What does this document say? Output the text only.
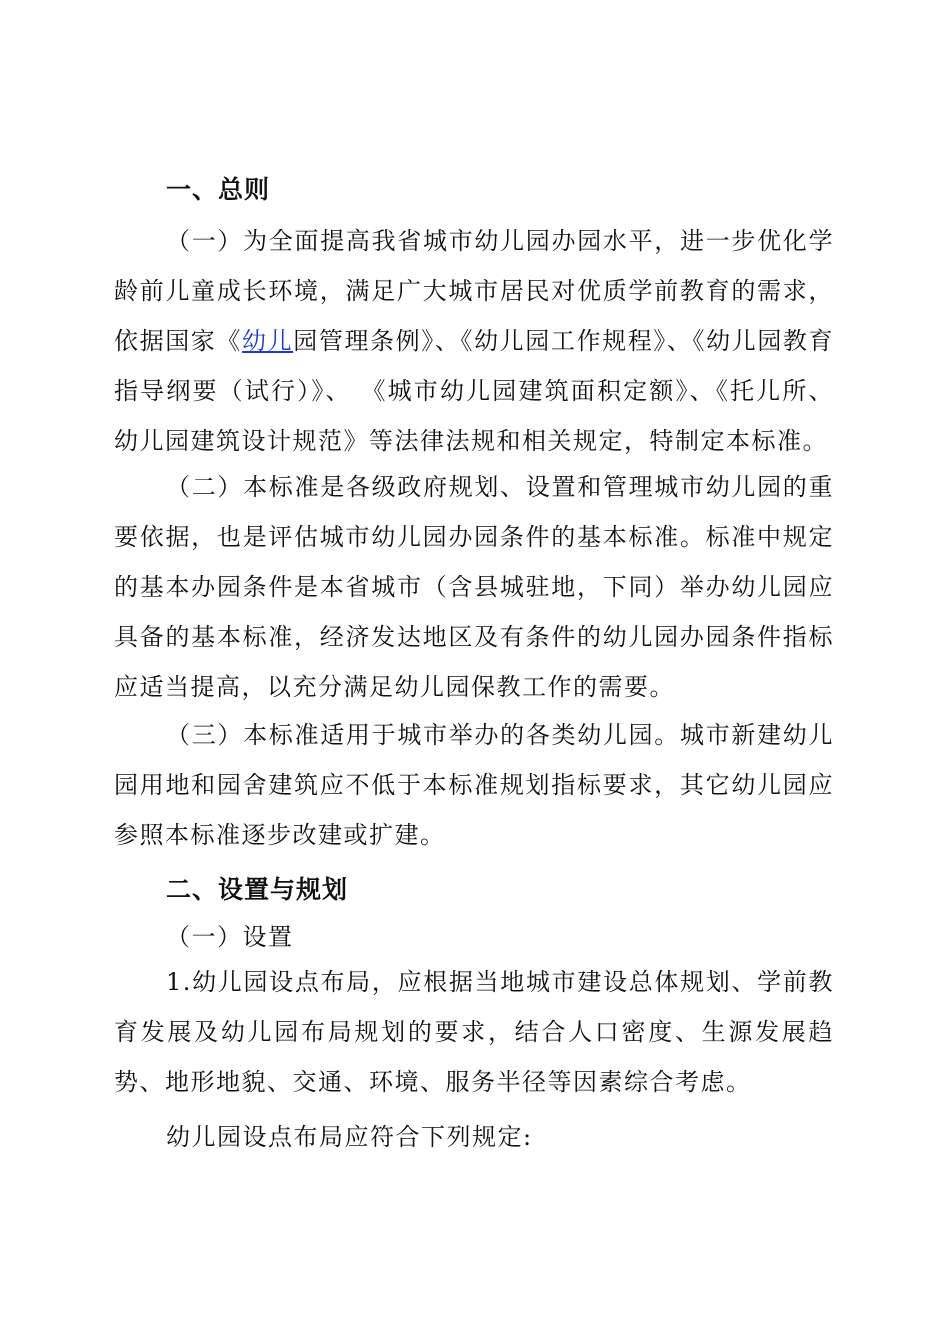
一、总则

（一）为全面提高我省城市幼儿园办园水平，进一步优化学龄前儿童成长环境，满足广大城市居民对优质学前教育的需求，依据国家《幼儿园管理条例》、《幼儿园工作规程》、《幼儿园教育指导纲要（试行）》、 《城市幼儿园建筑面积定额》、《托儿所、幼儿园建筑设计规范》等法律法规和相关规定，特制定本标准。

（二）本标准是各级政府规划、设置和管理城市幼儿园的重要依据，也是评估城市幼儿园办园条件的基本标准。标准中规定的基本办园条件是本省城市（含县城驻地，下同）举办幼儿园应具备的基本标准，经济发达地区及有条件的幼儿园办园条件指标应适当提高，以充分满足幼儿园保教工作的需要。

（三）本标准适用于城市举办的各类幼儿园。城市新建幼儿园用地和园舍建筑应不低于本标准规划指标要求，其它幼儿园应参照本标准逐步改建或扩建。

二、设置与规划
（一）设置

1.幼儿园设点布局，应根据当地城市建设总体规划、学前教育发展及幼儿园布局规划的要求，结合人口密度、生源发展趋势、地形地貌、交通、环境、服务半径等因素综合考虑。

幼儿园设点布局应符合下列规定:
